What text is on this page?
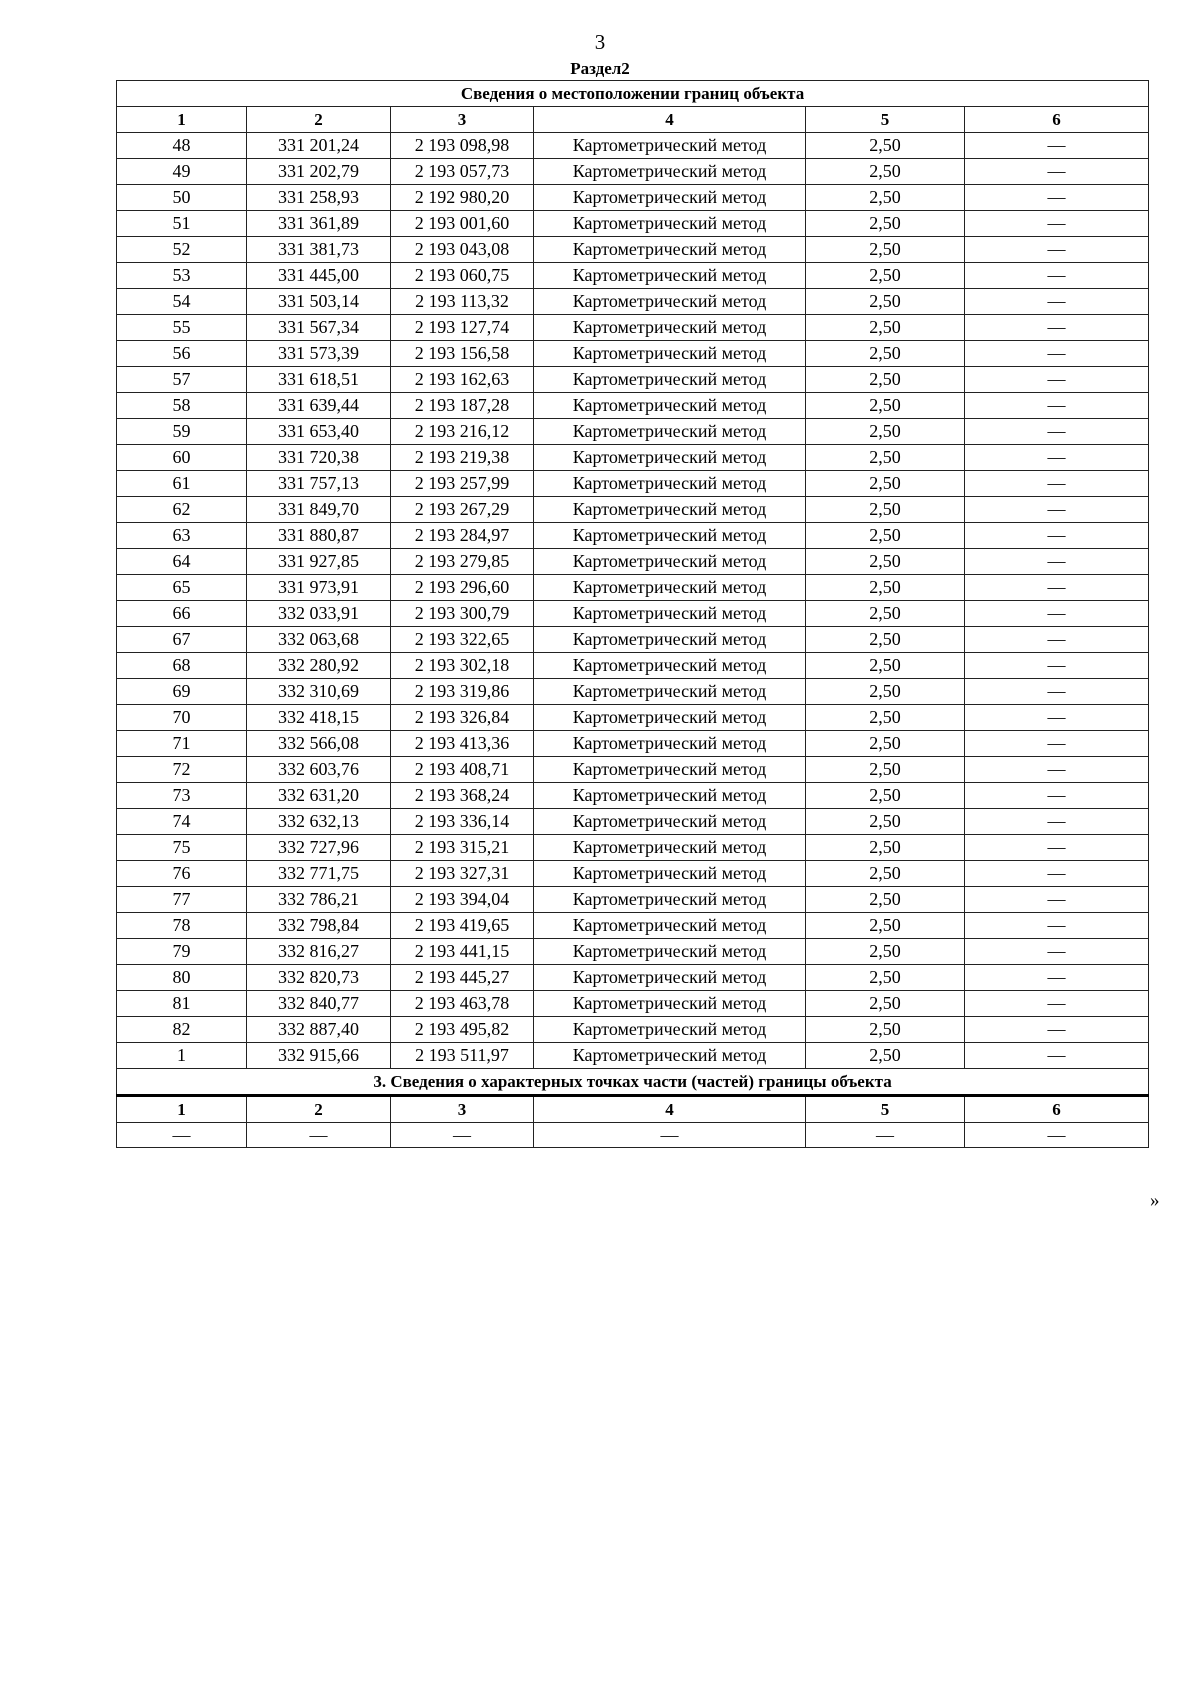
3
Раздел2
Сведения о местоположении границ объекта					
1	2	3	4	5	6
48	331 201,24	2 193 098,98	Картометрический метод	2,50	—
49	331 202,79	2 193 057,73	Картометрический метод	2,50	—
50	331 258,93	2 192 980,20	Картометрический метод	2,50	—
51	331 361,89	2 193 001,60	Картометрический метод	2,50	—
52	331 381,73	2 193 043,08	Картометрический метод	2,50	—
53	331 445,00	2 193 060,75	Картометрический метод	2,50	—
54	331 503,14	2 193 113,32	Картометрический метод	2,50	—
55	331 567,34	2 193 127,74	Картометрический метод	2,50	—
56	331 573,39	2 193 156,58	Картометрический метод	2,50	—
57	331 618,51	2 193 162,63	Картометрический метод	2,50	—
58	331 639,44	2 193 187,28	Картометрический метод	2,50	—
59	331 653,40	2 193 216,12	Картометрический метод	2,50	—
60	331 720,38	2 193 219,38	Картометрический метод	2,50	—
61	331 757,13	2 193 257,99	Картометрический метод	2,50	—
62	331 849,70	2 193 267,29	Картометрический метод	2,50	—
63	331 880,87	2 193 284,97	Картометрический метод	2,50	—
64	331 927,85	2 193 279,85	Картометрический метод	2,50	—
65	331 973,91	2 193 296,60	Картометрический метод	2,50	—
66	332 033,91	2 193 300,79	Картометрический метод	2,50	—
67	332 063,68	2 193 322,65	Картометрический метод	2,50	—
68	332 280,92	2 193 302,18	Картометрический метод	2,50	—
69	332 310,69	2 193 319,86	Картометрический метод	2,50	—
70	332 418,15	2 193 326,84	Картометрический метод	2,50	—
71	332 566,08	2 193 413,36	Картометрический метод	2,50	—
72	332 603,76	2 193 408,71	Картометрический метод	2,50	—
73	332 631,20	2 193 368,24	Картометрический метод	2,50	—
74	332 632,13	2 193 336,14	Картометрический метод	2,50	—
75	332 727,96	2 193 315,21	Картометрический метод	2,50	—
76	332 771,75	2 193 327,31	Картометрический метод	2,50	—
77	332 786,21	2 193 394,04	Картометрический метод	2,50	—
78	332 798,84	2 193 419,65	Картометрический метод	2,50	—
79	332 816,27	2 193 441,15	Картометрический метод	2,50	—
80	332 820,73	2 193 445,27	Картометрический метод	2,50	—
81	332 840,77	2 193 463,78	Картометрический метод	2,50	—
82	332 887,40	2 193 495,82	Картометрический метод	2,50	—
1	332 915,66	2 193 511,97	Картометрический метод	2,50	—
3. Сведения о характерных точках части (частей) границы объекта					
1	2	3	4	5	6
—	—	—	—	—	—
»
